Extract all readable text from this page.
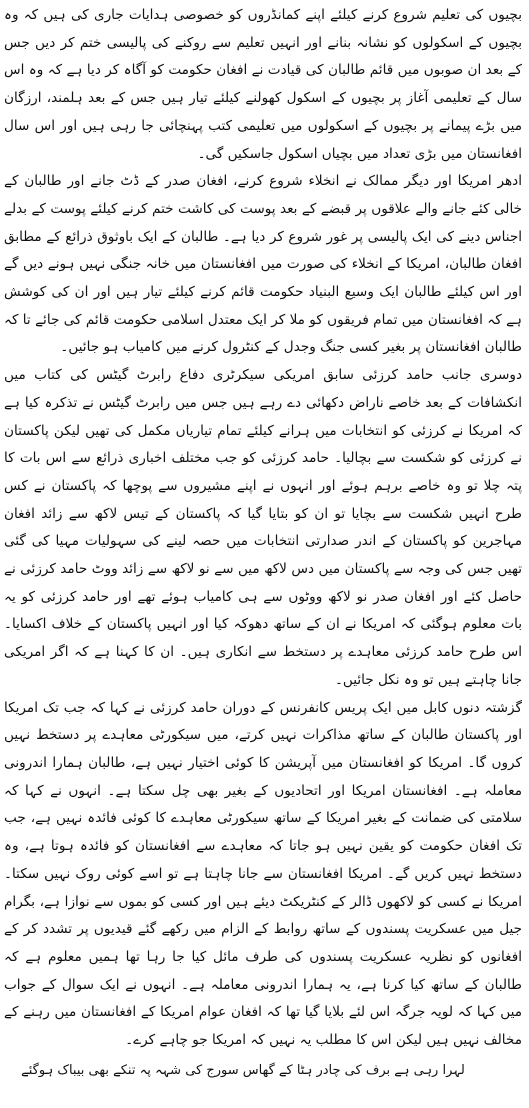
بچیوں کی تعلیم شروع کرنے کیلئے اپنے کمانڈروں کو خصوصی ہدایات جاری کی ہیں کہ وہ بچیوں کے اسکولوں کو نشانہ بنانے اور انہیں تعلیم سے روکنے کی پالیسی ختم کر دیں جس کے بعد ان صوبوں میں قائم طالبان کی قیادت نے افغان حکومت کو آگاہ کر دیا ہے کہ وہ اس سال کے تعلیمی آغاز پر بچیوں کے اسکول کھولنے کیلئے تیار ہیں جس کے بعد ہلمند، ارزگان میں بڑے پیمانے پر بچیوں کے اسکولوں میں تعلیمی کتب پہنچائی جا رہی ہیں اور اس سال افغانستان میں بڑی تعداد میں بچیاں اسکول جاسکیں گی۔

ادھر امریکا اور دیگر ممالک نے انخلاء شروع کرنے، افغان صدر کے ڈٹ جانے اور طالبان کے خالی کئے جانے والے علاقوں پر قبضے کے بعد پوست کی کاشت ختم کرنے کیلئے پوست کے بدلے اجناس دینے کی ایک پالیسی پر غور شروع کر دیا ہے۔ طالبان کے ایک باوثوق ذرائع کے مطابق افغان طالبان، امریکا کے انخلاء کی صورت میں افغانستان میں خانہ جنگی نہیں ہونے دیں گے اور اس کیلئے طالبان ایک وسیع البنیاد حکومت قائم کرنے کیلئے تیار ہیں اور ان کی کوشش ہے کہ افغانستان میں تمام فریقوں کو ملا کر ایک معتدل اسلامی حکومت قائم کی جائے تا کہ طالبان افغانستان پر بغیر کسی جنگ وجدل کے کنٹرول کرنے میں کامیاب ہو جائیں۔

دوسری جانب حامد کرزئی سابق امریکی سیکرٹری دفاع رابرٹ گیٹس کی کتاب میں انکشافات کے بعد خاصے ناراض دکھائی دے رہے ہیں جس میں رابرٹ گیٹس نے تذکرہ کیا ہے کہ امریکا نے کرزئی کو انتخابات میں ہرانے کیلئے تمام تیاریاں مکمل کی تھیں لیکن پاکستان نے کرزئی کو شکست سے بچالیا۔ حامد کرزئی کو جب مختلف اخباری ذرائع سے اس بات کا پتہ چلا تو وہ خاصے برہم ہوئے اور انہوں نے اپنے مشیروں سے پوچھا کہ پاکستان نے کس طرح انہیں شکست سے بچایا تو ان کو بتایا گیا کہ پاکستان کے تیس لاکھ سے زائد افغان مہاجرین کو پاکستان کے اندر صدارتی انتخابات میں حصہ لینے کی سہولیات مہیا کی گئی تھیں جس کی وجہ سے پاکستان میں دس لاکھ میں سے نو لاکھ سے زائد ووٹ حامد کرزئی نے حاصل کئے اور افغان صدر نو لاکھ ووٹوں سے ہی کامیاب ہوئے تھے اور حامد کرزئی کو یہ بات معلوم ہوگئی کہ امریکا نے ان کے ساتھ دھوکہ کیا اور انہیں پاکستان کے خلاف اکسایا۔ اس طرح حامد کرزئی معاہدے پر دستخط سے انکاری ہیں۔ ان کا کہنا ہے کہ اگر امریکی جانا چاہتے ہیں تو وہ نکل جائیں۔

گزشتہ دنوں کابل میں ایک پریس کانفرنس کے دوران حامد کرزئی نے کہا کہ جب تک امریکا اور پاکستان طالبان کے ساتھ مذاکرات نہیں کرتے، میں سیکورٹی معاہدے پر دستخط نہیں کروں گا۔ امریکا کو افغانستان میں آپریشن کا کوئی اختیار نہیں ہے، طالبان ہمارا اندرونی معاملہ ہے۔ افغانستان امریکا اور اتحادیوں کے بغیر بھی چل سکتا ہے۔ انہوں نے کہا کہ سلامتی کی ضمانت کے بغیر امریکا کے ساتھ سیکورٹی معاہدے کا کوئی فائدہ نہیں ہے، جب تک افغان حکومت کو یقین نہیں ہو جاتا کہ معاہدے سے افغانستان کو فائدہ ہوتا ہے، وہ دستخط نہیں کریں گے۔ امریکا افغانستان سے جانا چاہتا ہے تو اسے کوئی روک نہیں سکتا۔ امریکا نے کسی کو لاکھوں ڈالر کے کنٹریکٹ دیئے ہیں اور کسی کو بموں سے نوازا ہے، بگرام جیل میں عسکریت پسندوں کے ساتھ روابط کے الزام میں رکھے گئے قیدیوں پر تشدد کر کے افغانوں کو نظریہ عسکریت پسندوں کی طرف مائل کیا جا رہا تھا ہمیں معلوم ہے کہ طالبان کے ساتھ کیا کرنا ہے، یہ ہمارا اندرونی معاملہ ہے۔ انہوں نے ایک سوال کے جواب میں کہا کہ لویہ جرگہ اس لئے بلایا گیا تھا کہ افغان عوام امریکا کے افغانستان میں رہنے کے مخالف نہیں ہیں لیکن اس کا مطلب یہ نہیں کہ امریکا جو چاہے کرے۔

لہرا رہی ہے برف کی چادر ہٹا کے گھاس سورج کی شہہ پہ تنکے بھی بیباک ہوگئے
